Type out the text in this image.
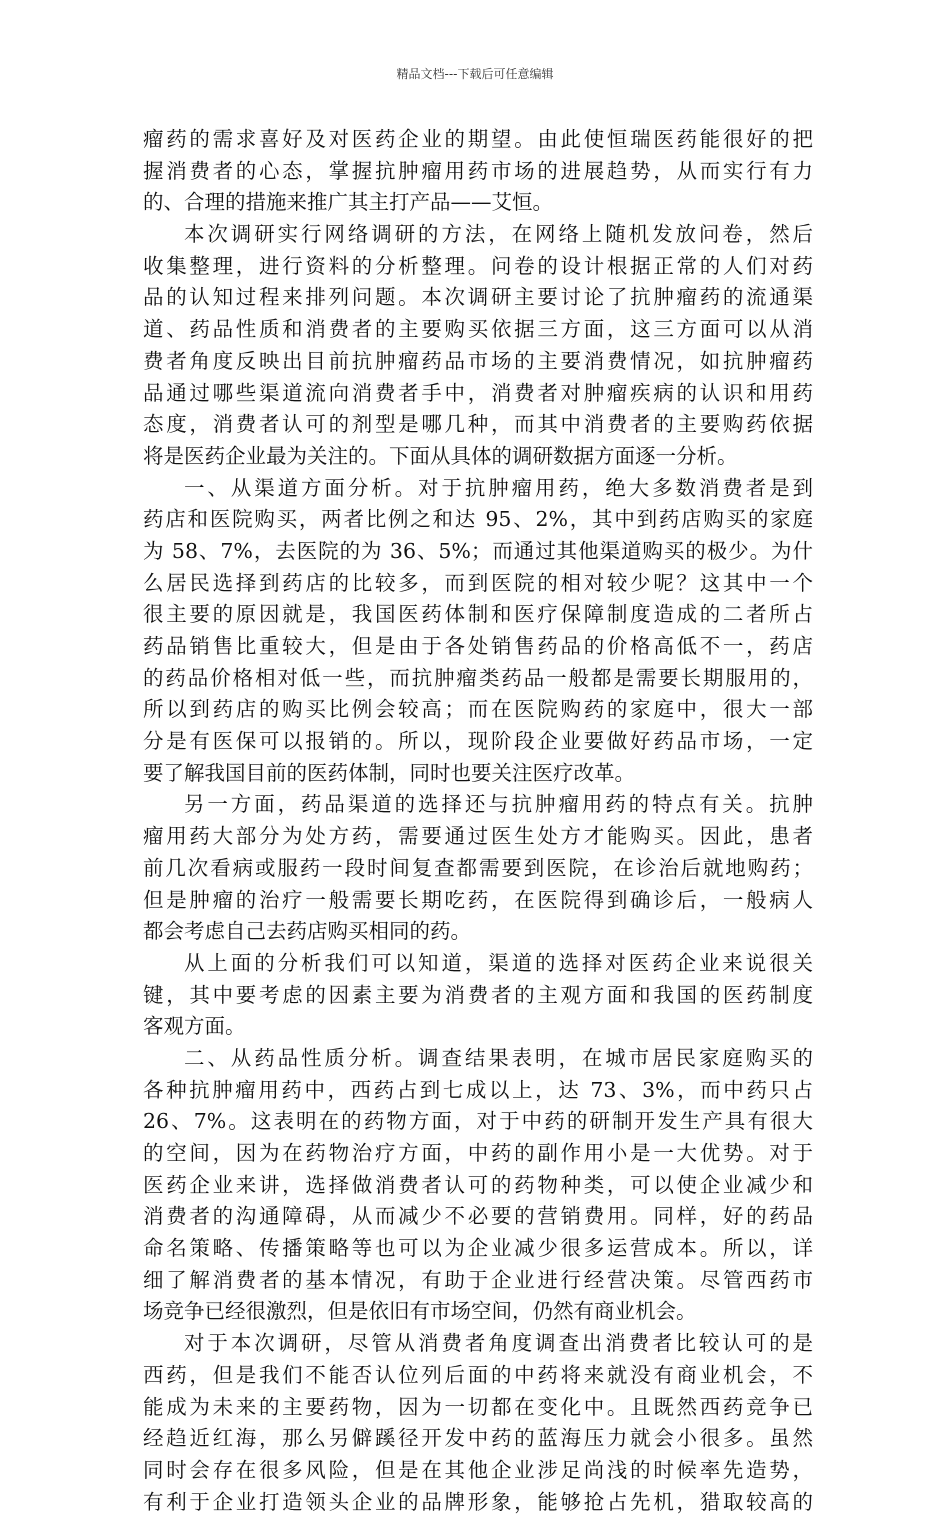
精品文档---下载后可任意编辑
瘤药的需求喜好及对医药企业的期望。由此使恒瑞医药能很好的把
握消费者的心态，掌握抗肿瘤用药市场的进展趋势，从而实行有力
的、合理的措施来推广其主打产品——艾恒。
本次调研实行网络调研的方法，在网络上随机发放问卷，然后
收集整理，进行资料的分析整理。问卷的设计根据正常的人们对药
品的认知过程来排列问题。本次调研主要讨论了抗肿瘤药的流通渠
道、药品性质和消费者的主要购买依据三方面，这三方面可以从消
费者角度反映出目前抗肿瘤药品市场的主要消费情况，如抗肿瘤药
品通过哪些渠道流向消费者手中，消费者对肿瘤疾病的认识和用药
态度，消费者认可的剂型是哪几种，而其中消费者的主要购药依据
将是医药企业最为关注的。下面从具体的调研数据方面逐一分析。
一、从渠道方面分析。对于抗肿瘤用药，绝大多数消费者是到
药店和医院购买，两者比例之和达 95、2%，其中到药店购买的家庭
为 58、7%，去医院的为 36、5%；而通过其他渠道购买的极少。为什
么居民选择到药店的比较多，而到医院的相对较少呢？这其中一个
很主要的原因就是，我国医药体制和医疗保障制度造成的二者所占
药品销售比重较大，但是由于各处销售药品的价格高低不一，药店
的药品价格相对低一些，而抗肿瘤类药品一般都是需要长期服用的，
所以到药店的购买比例会较高；而在医院购药的家庭中，很大一部
分是有医保可以报销的。所以，现阶段企业要做好药品市场，一定
要了解我国目前的医药体制，同时也要关注医疗改革。
另一方面，药品渠道的选择还与抗肿瘤用药的特点有关。抗肿
瘤用药大部分为处方药，需要通过医生处方才能购买。因此，患者
前几次看病或服药一段时间复查都需要到医院，在诊治后就地购药；
但是肿瘤的治疗一般需要长期吃药，在医院得到确诊后，一般病人
都会考虑自己去药店购买相同的药。
从上面的分析我们可以知道，渠道的选择对医药企业来说很关
键，其中要考虑的因素主要为消费者的主观方面和我国的医药制度
客观方面。
二、从药品性质分析。调查结果表明，在城市居民家庭购买的
各种抗肿瘤用药中，西药占到七成以上，达 73、3%，而中药只占
26、7%。这表明在的药物方面，对于中药的研制开发生产具有很大
的空间，因为在药物治疗方面，中药的副作用小是一大优势。对于
医药企业来讲，选择做消费者认可的药物种类，可以使企业减少和
消费者的沟通障碍，从而减少不必要的营销费用。同样，好的药品
命名策略、传播策略等也可以为企业减少很多运营成本。所以，详
细了解消费者的基本情况，有助于企业进行经营决策。尽管西药市
场竞争已经很激烈，但是依旧有市场空间，仍然有商业机会。
对于本次调研，尽管从消费者角度调查出消费者比较认可的是
西药，但是我们不能否认位列后面的中药将来就没有商业机会，不
能成为未来的主要药物，因为一切都在变化中。且既然西药竞争已
经趋近红海，那么另僻蹊径开发中药的蓝海压力就会小很多。虽然
同时会存在很多风险，但是在其他企业涉足尚浅的时候率先造势，
有利于企业打造领头企业的品牌形象，能够抢占先机，猎取较高的
